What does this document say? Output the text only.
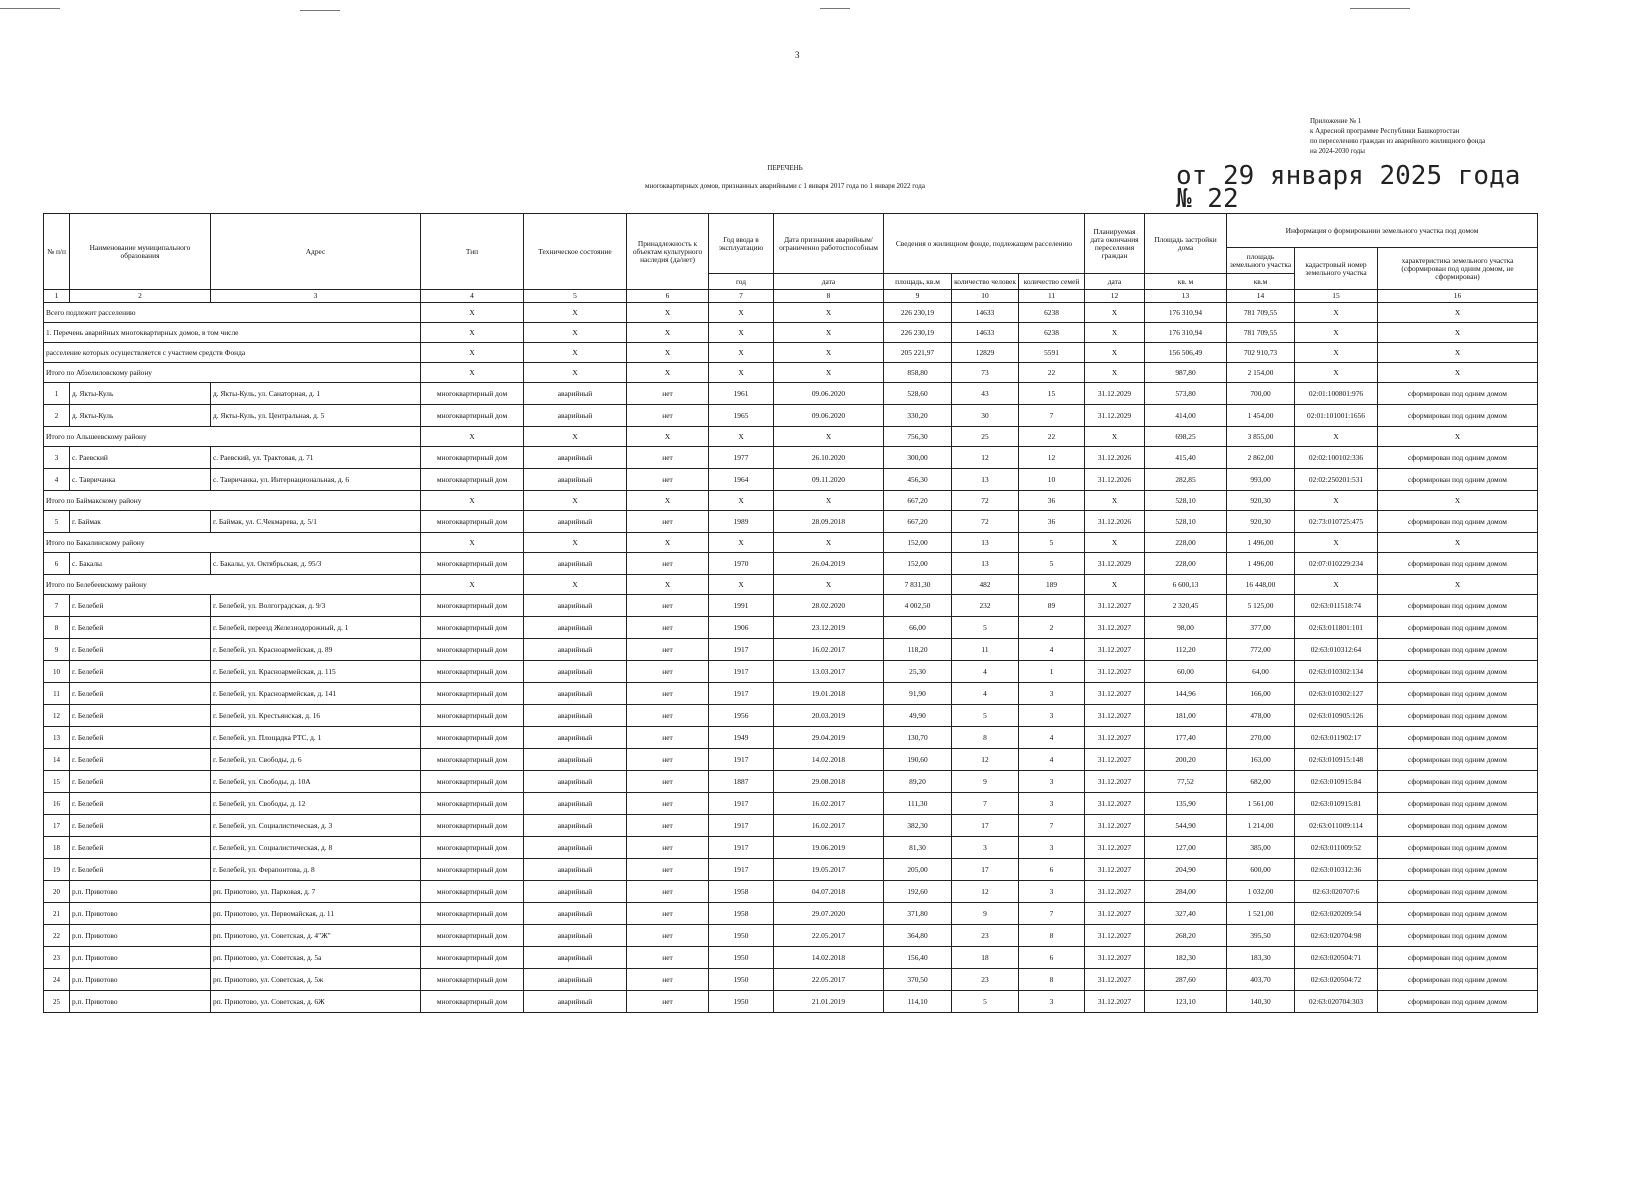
3
Приложение № 1
к Адресной программе Республики Башкортостан
по переселению граждан из аварийного жилищного фонда
на 2024-2030 годы
ПЕРЕЧЕНЬ
многоквартирных домов, признанных аварийными с 1 января 2017 года по 1 января 2022 года	от 29 января 2025 года
№ 22
№ п/п	Наименование муниципального образования	Адрес	Тип	Техническое состояние	Принадлежность к объектам культурного наследия (да/нет)	Год ввода в эксплуатацию	Дата признания аварийным/ограниченно работоспособным	Сведения о жилищном фонде, подлежащем расселению			Планируемая дата окончания переселения граждан	Площадь застройки дома	Информация о формировании земельного участка под домом		
													площадь земельного участка	кадастровый номер земельного участка	характеристика земельного участка (сформирован под одним домом, не сформирован)
						год	дата	площадь, кв.м	количество человек	количество семей	дата	кв. м	кв.м		
1	2	3	4	5	6	7	8	9	10	11	12	13	14	15	16
Всего подлежит расселению			X	X	X	X	X	226 230,19	14633	6238	X	176 310,94	781 709,55	X	X
1. Перечень аварийных многоквартирных домов, в том числе			X	X	X	X	X	226 230,19	14633	6238	X	176 310,94	781 709,55	X	X
расселение которых осуществляется с участием средств Фонда			X	X	X	X	X	205 221,97	12829	5591	X	156 506,49	702 910,73	X	X
Итого по Абзелиловскому району			X	X	X	X	X	858,80	73	22	X	987,80	2 154,00	X	X
1	д. Якты-Куль	д. Якты-Куль, ул. Санаторная, д. 1	многоквартирный дом	аварийный	нет	1961	09.06.2020	528,60	43	15	31.12.2029	573,80	700,00	02:01:100801:976	сформирован под одним домом
2	д. Якты-Куль	д. Якты-Куль, ул. Центральная, д. 5	многоквартирный дом	аварийный	нет	1965	09.06.2020	330,20	30	7	31.12.2029	414,00	1 454,00	02:01:101001:1656	сформирован под одним домом
Итого по Альшеевскому району			X	X	X	X	X	756,30	25	22	X	698,25	3 855,00	X	X
3	с. Раевский	с. Раевский, ул. Трактовая, д. 71	многоквартирный дом	аварийный	нет	1977	26.10.2020	300,00	12	12	31.12.2026	415,40	2 862,00	02:02:100102:336	сформирован под одним домом
4	с. Тавричанка	с. Тавричанка, ул. Интернациональная, д. 6	многоквартирный дом	аварийный	нет	1964	09.11.2020	456,30	13	10	31.12.2026	282,85	993,00	02:02:250201:531	сформирован под одним домом
Итого по Баймакскому району			X	X	X	X	X	667,20	72	36	X	528,10	920,30	X	X
5	г. Баймак	г. Баймак, ул. С.Чекмарева, д. 5/1	многоквартирный дом	аварийный	нет	1989	28.09.2018	667,20	72	36	31.12.2026	528,10	920,30	02:73:010725:475	сформирован под одним домом
Итого по Бакалинскому району			X	X	X	X	X	152,00	13	5	X	228,00	1 496,00	X	X
6	с. Бакалы	с. Бакалы, ул. Октябрьская, д. 95/3	многоквартирный дом	аварийный	нет	1970	26.04.2019	152,00	13	5	31.12.2029	228,00	1 496,00	02:07:010229:234	сформирован под одним домом
Итого по Белебеевскому району			X	X	X	X	X	7 831,30	482	189	X	6 600,13	16 448,00	X	X
7	г. Белебей	г. Белебей, ул. Волгоградская, д. 9/3	многоквартирный дом	аварийный	нет	1991	28.02.2020	4 002,50	232	89	31.12.2027	2 320,45	5 125,00	02:63:011518:74	сформирован под одним домом
8	г. Белебей	г. Белебей, переезд Железнодорожный, д. 1	многоквартирный дом	аварийный	нет	1906	23.12.2019	66,00	5	2	31.12.2027	98,00	377,00	02:63:011801:101	сформирован под одним домом
9	г. Белебей	г. Белебей, ул. Красноармейская, д. 89	многоквартирный дом	аварийный	нет	1917	16.02.2017	118,20	11	4	31.12.2027	112,20	772,00	02:63:010312:64	сформирован под одним домом
10	г. Белебей	г. Белебей, ул. Красноармейская, д. 115	многоквартирный дом	аварийный	нет	1917	13.03.2017	25,30	4	1	31.12.2027	60,00	64,00	02:63:010302:134	сформирован под одним домом
11	г. Белебей	г. Белебей, ул. Красноармейская, д. 141	многоквартирный дом	аварийный	нет	1917	19.01.2018	91,90	4	3	31.12.2027	144,96	166,00	02:63:010302:127	сформирован под одним домом
12	г. Белебей	г. Белебей, ул. Крестьянская, д. 16	многоквартирный дом	аварийный	нет	1956	20.03.2019	49,90	5	3	31.12.2027	181,00	478,00	02:63:010905:126	сформирован под одним домом
13	г. Белебей	г. Белебей, ул. Площадка РТС, д. 1	многоквартирный дом	аварийный	нет	1949	29.04.2019	130,70	8	4	31.12.2027	177,40	270,00	02:63:011902:17	сформирован под одним домом
14	г. Белебей	г. Белебей, ул. Свободы, д. 6	многоквартирный дом	аварийный	нет	1917	14.02.2018	190,60	12	4	31.12.2027	200,20	163,00	02:63:010915:148	сформирован под одним домом
15	г. Белебей	г. Белебей, ул. Свободы, д. 10А	многоквартирный дом	аварийный	нет	1887	29.08.2018	89,20	9	3	31.12.2027	77,52	682,00	02:63:010915:84	сформирован под одним домом
16	г. Белебей	г. Белебей, ул. Свободы, д. 12	многоквартирный дом	аварийный	нет	1917	16.02.2017	111,30	7	3	31.12.2027	135,90	1 561,00	02:63:010915:81	сформирован под одним домом
17	г. Белебей	г. Белебей, ул. Социалистическая, д. 3	многоквартирный дом	аварийный	нет	1917	16.02.2017	382,30	17	7	31.12.2027	544,90	1 214,00	02:63:011009:114	сформирован под одним домом
18	г. Белебей	г. Белебей, ул. Социалистическая, д. 8	многоквартирный дом	аварийный	нет	1917	19.06.2019	81,30	3	3	31.12.2027	127,00	385,00	02:63:011009:52	сформирован под одним домом
19	г. Белебей	г. Белебей, ул. Ферапонтова, д. 8	многоквартирный дом	аварийный	нет	1917	19.05.2017	205,00	17	6	31.12.2027	204,90	600,00	02:63:010312:36	сформирован под одним домом
20	р.п. Приютово	рп. Приютово, ул. Парковая, д. 7	многоквартирный дом	аварийный	нет	1958	04.07.2018	192,60	12	3	31.12.2027	284,00	1 032,00	02:63:020707:6	сформирован под одним домом
21	р.п. Приютово	рп. Приютово, ул. Первомайская, д. 11	многоквартирный дом	аварийный	нет	1958	29.07.2020	371,80	9	7	31.12.2027	327,40	1 521,00	02:63:020209:54	сформирован под одним домом
22	р.п. Приютово	рп. Приютово, ул. Советская, д. 4"Ж"	многоквартирный дом	аварийный	нет	1950	22.05.2017	364,80	23	8	31.12.2027	268,20	395,50	02:63:020704:98	сформирован под одним домом
23	р.п. Приютово	рп. Приютово, ул. Советская, д. 5а	многоквартирный дом	аварийный	нет	1950	14.02.2018	156,40	18	6	31.12.2027	182,30	183,30	02:63:020504:71	сформирован под одним домом
24	р.п. Приютово	рп. Приютово, ул. Советская, д. 5ж	многоквартирный дом	аварийный	нет	1950	22.05.2017	370,50	23	8	31.12.2027	287,60	403,70	02:63:020504:72	сформирован под одним домом
25	р.п. Приютово	рп. Приютово, ул. Советская, д. 6Ж	многоквартирный дом	аварийный	нет	1950	21.01.2019	114,10	5	3	31.12.2027	123,10	140,30	02:63:020704:303	сформирован под одним домом
